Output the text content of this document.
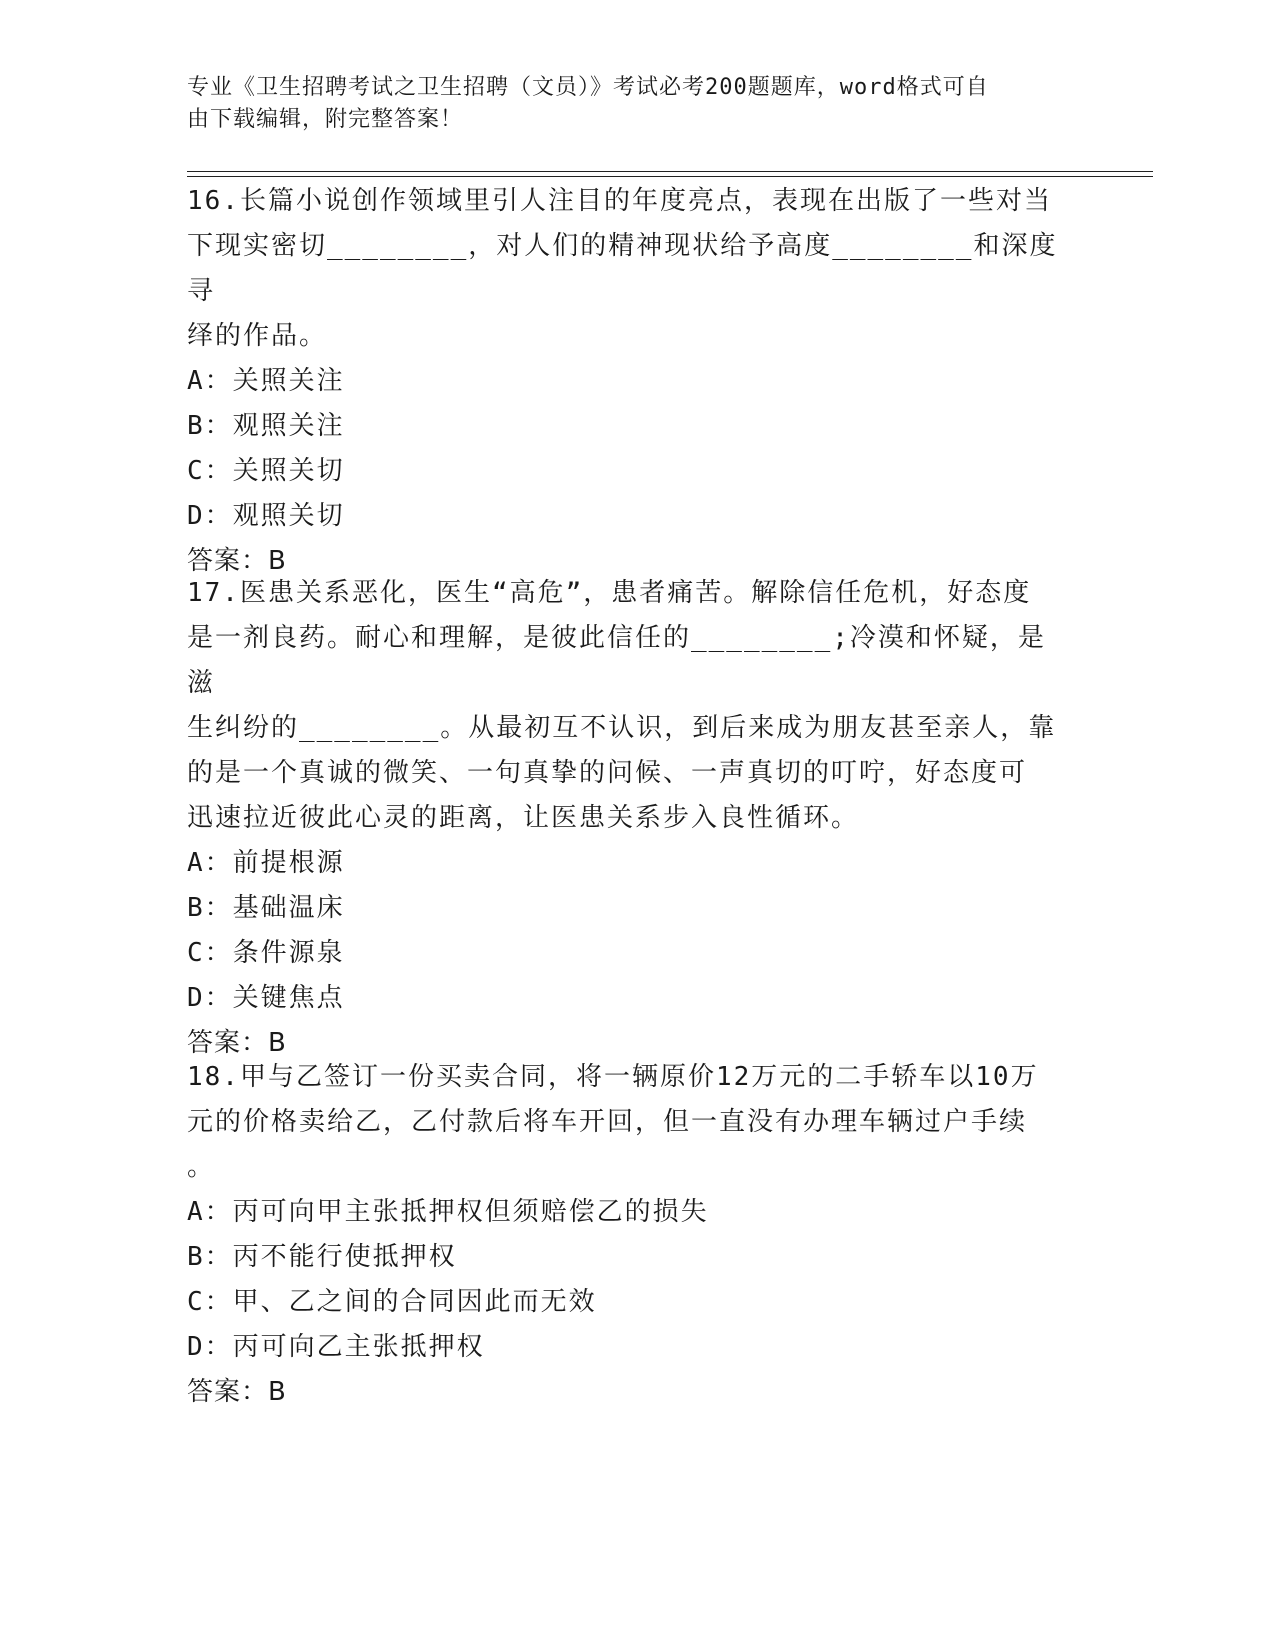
专业《卫生招聘考试之卫生招聘（文员）》考试必考200题题库，word格式可自
由下载编辑，附完整答案！
16.长篇小说创作领域里引人注目的年度亮点，表现在出版了一些对当
下现实密切________，对人们的精神现状给予高度________和深度寻
绎的作品。
A：关照关注
B：观照关注
C：关照关切
D：观照关切
答案：B
17.医患关系恶化，医生“高危”，患者痛苦。解除信任危机，好态度
是一剂良药。耐心和理解，是彼此信任的________;冷漠和怀疑，是滋
生纠纷的________。从最初互不认识，到后来成为朋友甚至亲人，靠
的是一个真诚的微笑、一句真挚的问候、一声真切的叮咛，好态度可
迅速拉近彼此心灵的距离，让医患关系步入良性循环。
A：前提根源
B：基础温床
C：条件源泉
D：关键焦点
答案：B
18.甲与乙签订一份买卖合同，将一辆原价12万元的二手轿车以10万
元的价格卖给乙，乙付款后将车开回，但一直没有办理车辆过户手续
。
A：丙可向甲主张抵押权但须赔偿乙的损失
B：丙不能行使抵押权
C：甲、乙之间的合同因此而无效
D：丙可向乙主张抵押权
答案：B
